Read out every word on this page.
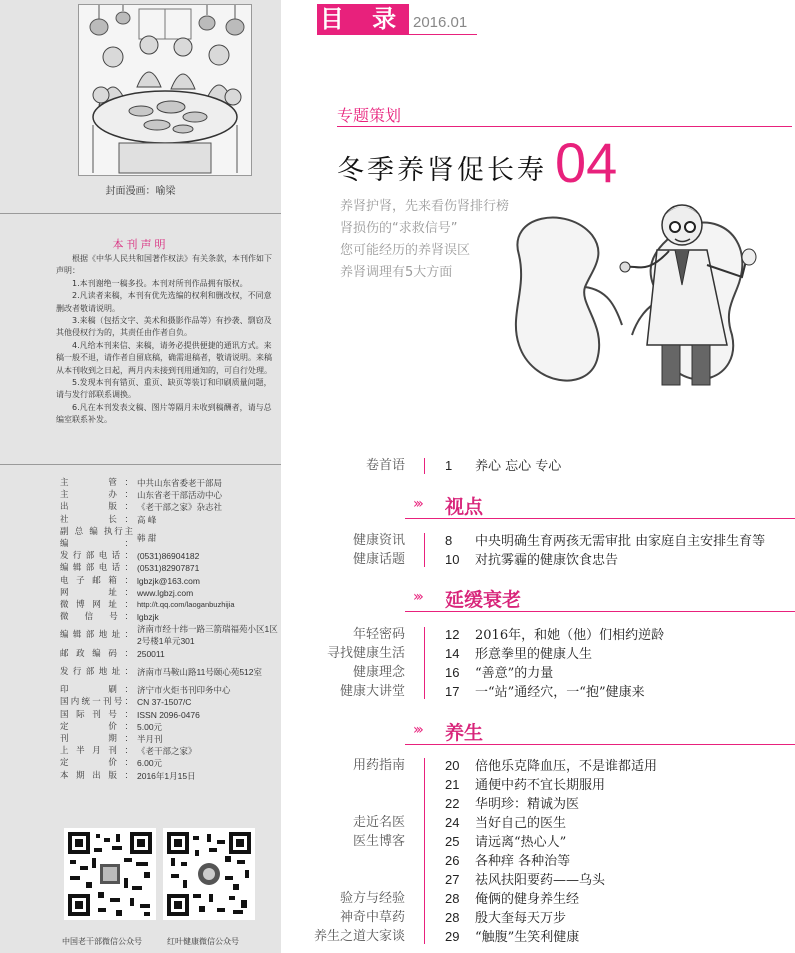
封面漫画：喻梁
本刊声明

根据《中华人民共和国著作权法》有关条款，本刊作如下声明：

1.本刊谢绝一稿多投。本刊对所刊作品拥有版权。

2.凡读者来稿，本刊有优先选编的权利和删改权，不同意删改者敬请说明。

3.来稿（包括文字、美术和摄影作品等）有抄袭、剽窃及其他侵权行为的，其责任由作者自负。

4.凡给本刊来信、来稿，请务必提供便捷的通讯方式。来稿一般不退，请作者自留底稿，确需退稿者，敬请说明。来稿从本刊收到之日起，两月内未接到刊用通知的，可自行处理。

5.发现本刊有错页、重页、缺页等装订和印刷质量问题，请与发行部联系调换。

6.凡在本刊发表文稿、图片等隔月未收到稿酬者，请与总编室联系补发。

主　　管： 中共山东省委老干部局
主　　办： 山东省老干部活动中心
出　　版： 《老干部之家》杂志社
社　　长： 高 峰
副 总 编 执行主编：
韩 甜
发行部电话： (0531)86904182
编辑部电话： (0531)82907871
电子邮箱： lgbzjk@163.com
网　　址： www.lgbzj.com
微博网址： http://t.qq.com/laoganbuzhijia
微 信 号： lgbzjk
编辑部地址：
济南市经十纬一路三箭瑞福苑小区1区2号楼1单元301
邮政编码： 250011
发行部地址： 济南市马鞍山路11号颐心苑512室
印　　刷： 济宁市火炬书刊印务中心
国内统一刊号： CN 37-1507/C
国际刊号： ISSN 2096-0476
定　　价： 5.00元
刊　　期： 半月刊
上半月刊： 《老干部之家》
定　　价： 6.00元
本期出版： 2016年1月15日
中国老干部微信公众号	红叶健康微信公众号
目 录 2016.01
专题策划
冬季养肾促长寿 04
养肾护肾，先来看伤肾排行榜
肾损伤的“求救信号”
您可能经历的养肾误区
养肾调理有5大方面
卷首语	1 养心 忘心 专心
››› 视点
健康资讯
健康话题
8 中央明确生育两孩无需审批 由家庭自主安排生育等
10 对抗雾霾的健康饮食忠告
››› 延缓衰老
年轻密码
寻找健康生活
健康理念
健康大讲堂
12 2016年，和她（他）们相约逆龄
14 形意拳里的健康人生
16 “善意”的力量
17 一“站”通经穴，一“抱”健康来
››› 养生
用药指南
走近名医
医生博客
验方与经验
神奇中草药
养生之道大家谈
20 倍他乐克降血压，不是谁都适用
21 通便中药不宜长期服用
22 华明珍：精诚为医
24 当好自己的医生
25 请远离“热心人”
26 各种痒 各种治等
27 祛风扶阳要药——乌头
28 俺俩的健身养生经
28 殷大奎每天万步
29 “触腹”生笑利健康
